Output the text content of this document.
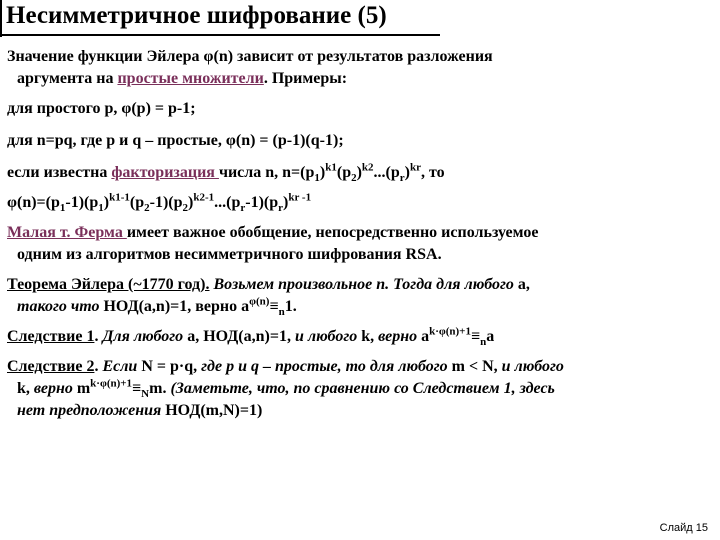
Несимметричное шифрование (5)

Значение функции Эйлера φ(n) зависит от результатов разложения

аргумента на простые множители. Примеры:

для простого p, φ(p) = p-1;

для n=pq, где p и q – простые, φ(n) = (p-1)(q-1);

если известна факторизация числа n, $n=(p_1)^{k1}(p_2)^{k2}...(p_r)^{kr}$, то

$\varphi(n)=(p_1-1)(p_1)^{k1-1}(p_2-1)(p_2)^{k2-1}...(p_r-1)(p_r)^{kr -1}$

Малая т. Ферма имеет важное обобщение, непосредственно используемое

одним из алгоритмов несимметричного шифрования RSA.

Теорема Эйлера (~1770 год). Возьмем произвольное n. Тогда для любого a,

такого что НОД(a,n)=1, верно $a^{\varphi(n)}\equiv_n1$.

Следствие 1. Для любого a, НОД(a,n)=1, и любого k, верно $a^{k\cdot\varphi(n)+1}\equiv_na$

Следствие 2. Если N = p·q, где p и q – простые, то для любого m < N, и любого

k, верно $m^{k\cdot\varphi(n)+1}\equiv_Nm$. (Заметьте, что, по сравнению со Следствием 1, здесь

нет предположения НОД(m,N)=1)

Слайд 15
